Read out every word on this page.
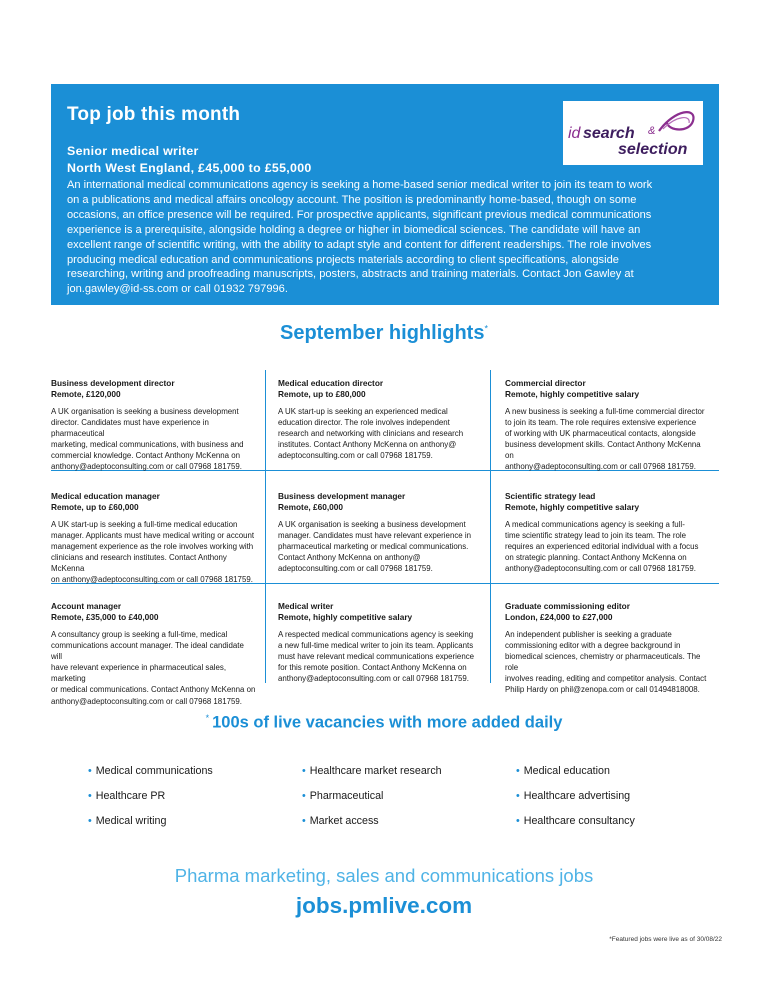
Top job this month
Senior medical writer
North West England, £45,000 to £55,000
An international medical communications agency is seeking a home-based senior medical writer to join its team to work on a publications and medical affairs oncology account. The position is predominantly home-based, though on some occasions, an office presence will be required. For prospective applicants, significant previous medical communications experience is a prerequisite, alongside holding a degree or higher in biomedical sciences. The candidate will have an excellent range of scientific writing, with the ability to adapt style and content for different readerships. The role involves producing medical education and communications projects materials according to client specifications, alongside researching, writing and proofreading manuscripts, posters, abstracts and training materials. Contact Jon Gawley at jon.gawley@id-ss.com or call 01932 797996.
id search &
selection
September highlights*
Business development director
Remote, £120,000
A UK organisation is seeking a business development
director. Candidates must have experience in pharmaceutical
marketing, medical communications, with business and
commercial knowledge. Contact Anthony McKenna on
anthony@adeptoconsulting.com or call 07968 181759.
Medical education director
Remote, up to £80,000
A UK start-up is seeking an experienced medical
education director. The role involves independent
research and networking with clinicians and research
institutes. Contact Anthony McKenna on anthony@
adeptoconsulting.com or call 07968 181759.
Commercial director
Remote, highly competitive salary
A new business is seeking a full-time commercial director
to join its team. The role requires extensive experience
of working with UK pharmaceutical contacts, alongside
business development skills. Contact Anthony McKenna on
anthony@adeptoconsulting.com or call 07968 181759.
Medical education manager
Remote, up to £60,000
A UK start-up is seeking a full-time medical education
manager. Applicants must have medical writing or account
management experience as the role involves working with
clinicians and research institutes. Contact Anthony McKenna
on anthony@adeptoconsulting.com or call 07968 181759.
Business development manager
Remote, £60,000
A UK organisation is seeking a business development
manager. Candidates must have relevant experience in
pharmaceutical marketing or medical communications.
Contact Anthony McKenna on anthony@
adeptoconsulting.com or call 07968 181759.
Scientific strategy lead
Remote, highly competitive salary
A medical communications agency is seeking a full-
time scientific strategy lead to join its team. The role
requires an experienced editorial individual with a focus
on strategic planning. Contact Anthony McKenna on
anthony@adeptoconsulting.com or call 07968 181759.
Account manager
Remote, £35,000 to £40,000
A consultancy group is seeking a full-time, medical
communications account manager. The ideal candidate will
have relevant experience in pharmaceutical sales, marketing
or medical communications. Contact Anthony McKenna on
anthony@adeptoconsulting.com or call 07968 181759.
Medical writer
Remote, highly competitive salary
A respected medical communications agency is seeking
a new full-time medical writer to join its team. Applicants
must have relevant medical communications experience
for this remote position. Contact Anthony McKenna on
anthony@adeptoconsulting.com or call 07968 181759.
Graduate commissioning editor
London, £24,000 to £27,000
An independent publisher is seeking a graduate
commissioning editor with a degree background in
biomedical sciences, chemistry or pharmaceuticals. The role
involves reading, editing and competitor analysis. Contact
Philip Hardy on phil@zenopa.com or call 01494818008.
* 100s of live vacancies with more added daily
• Medical communications
• Healthcare PR
• Medical writing
• Healthcare market research
• Pharmaceutical
• Market access
• Medical education
• Healthcare advertising
• Healthcare consultancy
Pharma marketing, sales and communications jobs
jobs.pmlive.com
*Featured jobs were live as of 30/08/22
